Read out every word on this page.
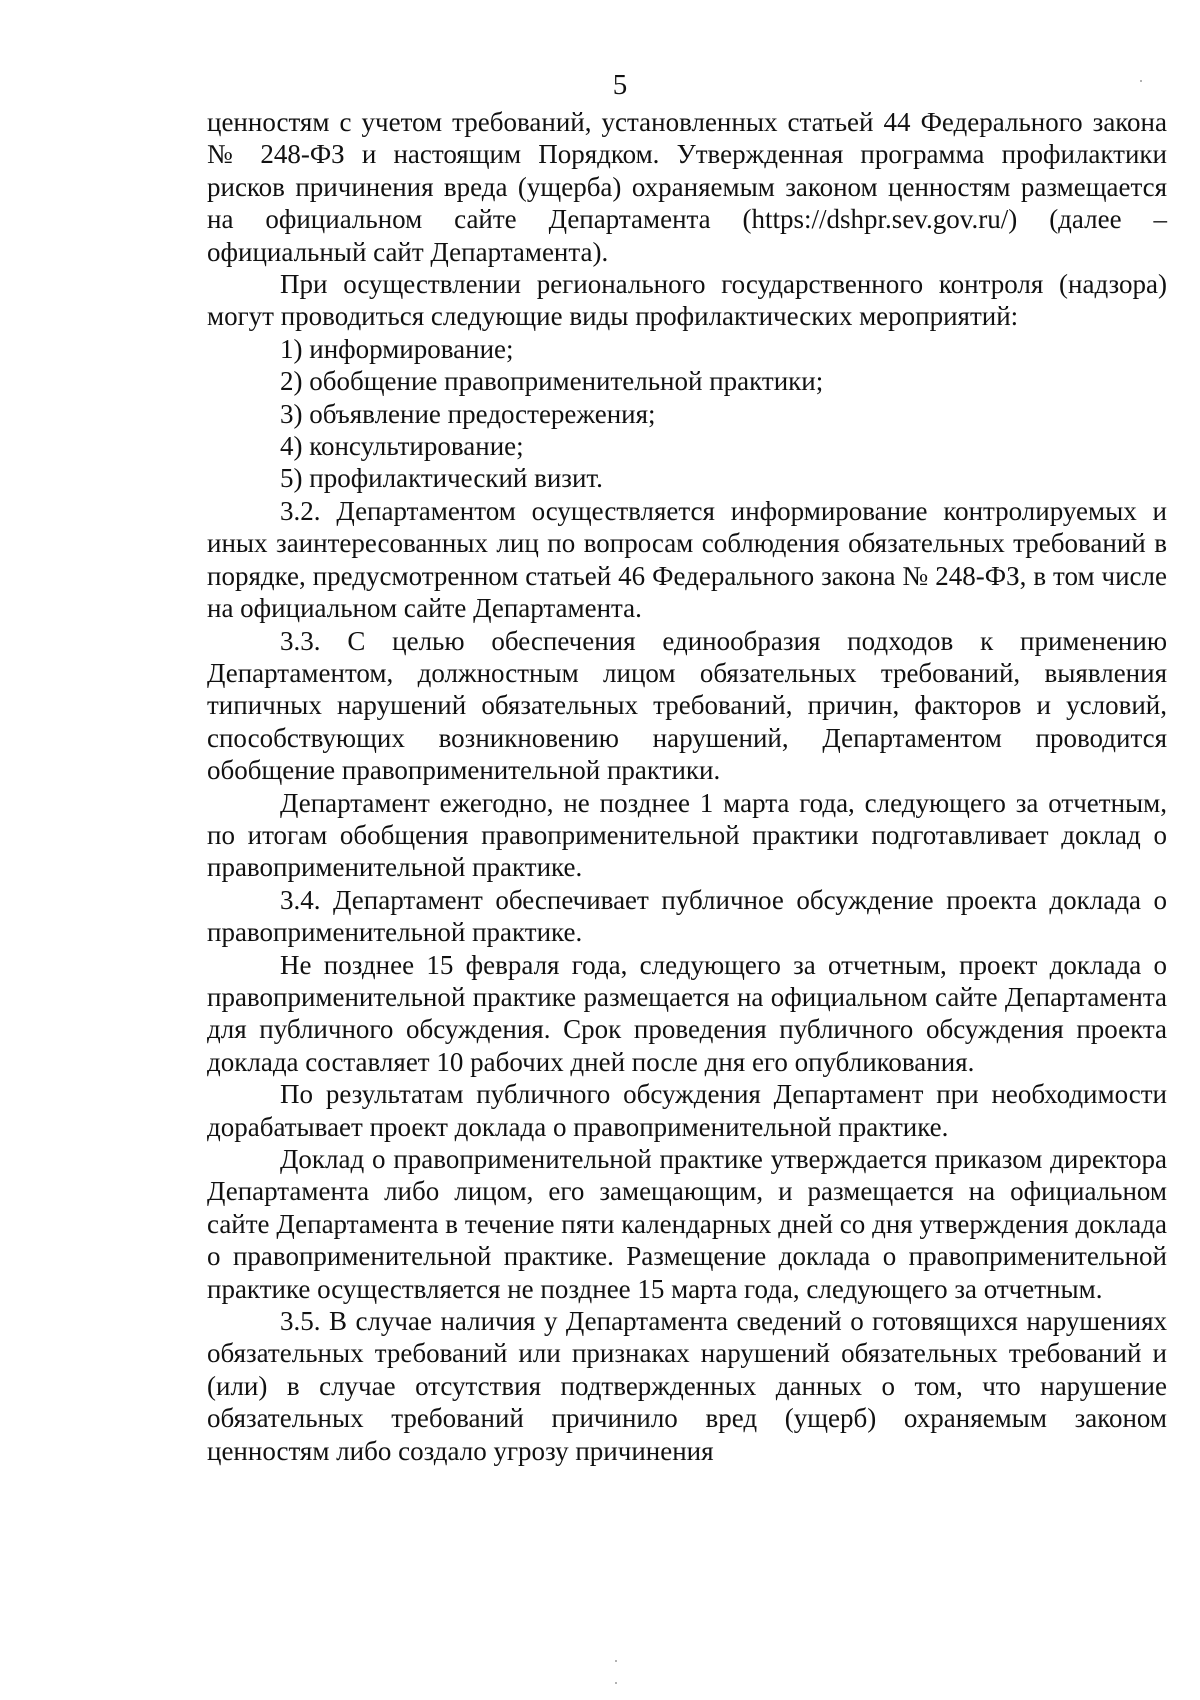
5

ценностям с учетом требований, установленных статьей 44 Федерального закона № 248-ФЗ и настоящим Порядком. Утвержденная программа профилактики рисков причинения вреда (ущерба) охраняемым законом ценностям размещается на официальном сайте Департамента (https://dshpr.sev.gov.ru/) (далее – официальный сайт Департамента).

При осуществлении регионального государственного контроля (надзора) могут проводиться следующие виды профилактических мероприятий:

1) информирование;

2) обобщение правоприменительной практики;

3) объявление предостережения;

4) консультирование;

5) профилактический визит.

3.2. Департаментом осуществляется информирование контролируемых и иных заинтересованных лиц по вопросам соблюдения обязательных требований в порядке, предусмотренном статьей 46 Федерального закона № 248-ФЗ, в том числе на официальном сайте Департамента.

3.3. С целью обеспечения единообразия подходов к применению Департаментом, должностным лицом обязательных требований, выявления типичных нарушений обязательных требований, причин, факторов и условий, способствующих возникновению нарушений, Департаментом проводится обобщение правоприменительной практики.

Департамент ежегодно, не позднее 1 марта года, следующего за отчетным, по итогам обобщения правоприменительной практики подготавливает доклад о правоприменительной практике.

3.4. Департамент обеспечивает публичное обсуждение проекта доклада о правоприменительной практике.

Не позднее 15 февраля года, следующего за отчетным, проект доклада о правоприменительной практике размещается на официальном сайте Департамента для публичного обсуждения. Срок проведения публичного обсуждения проекта доклада составляет 10 рабочих дней после дня его опубликования.

По результатам публичного обсуждения Департамент при необходимости дорабатывает проект доклада о правоприменительной практике.

Доклад о правоприменительной практике утверждается приказом директора Департамента либо лицом, его замещающим, и размещается на официальном сайте Департамента в течение пяти календарных дней со дня утверждения доклада о правоприменительной практике. Размещение доклада о правоприменительной практике осуществляется не позднее 15 марта года, следующего за отчетным.

3.5. В случае наличия у Департамента сведений о готовящихся нарушениях обязательных требований или признаках нарушений обязательных требований и (или) в случае отсутствия подтвержденных данных о том, что нарушение обязательных требований причинило вред (ущерб) охраняемым законом ценностям либо создало угрозу причинения
